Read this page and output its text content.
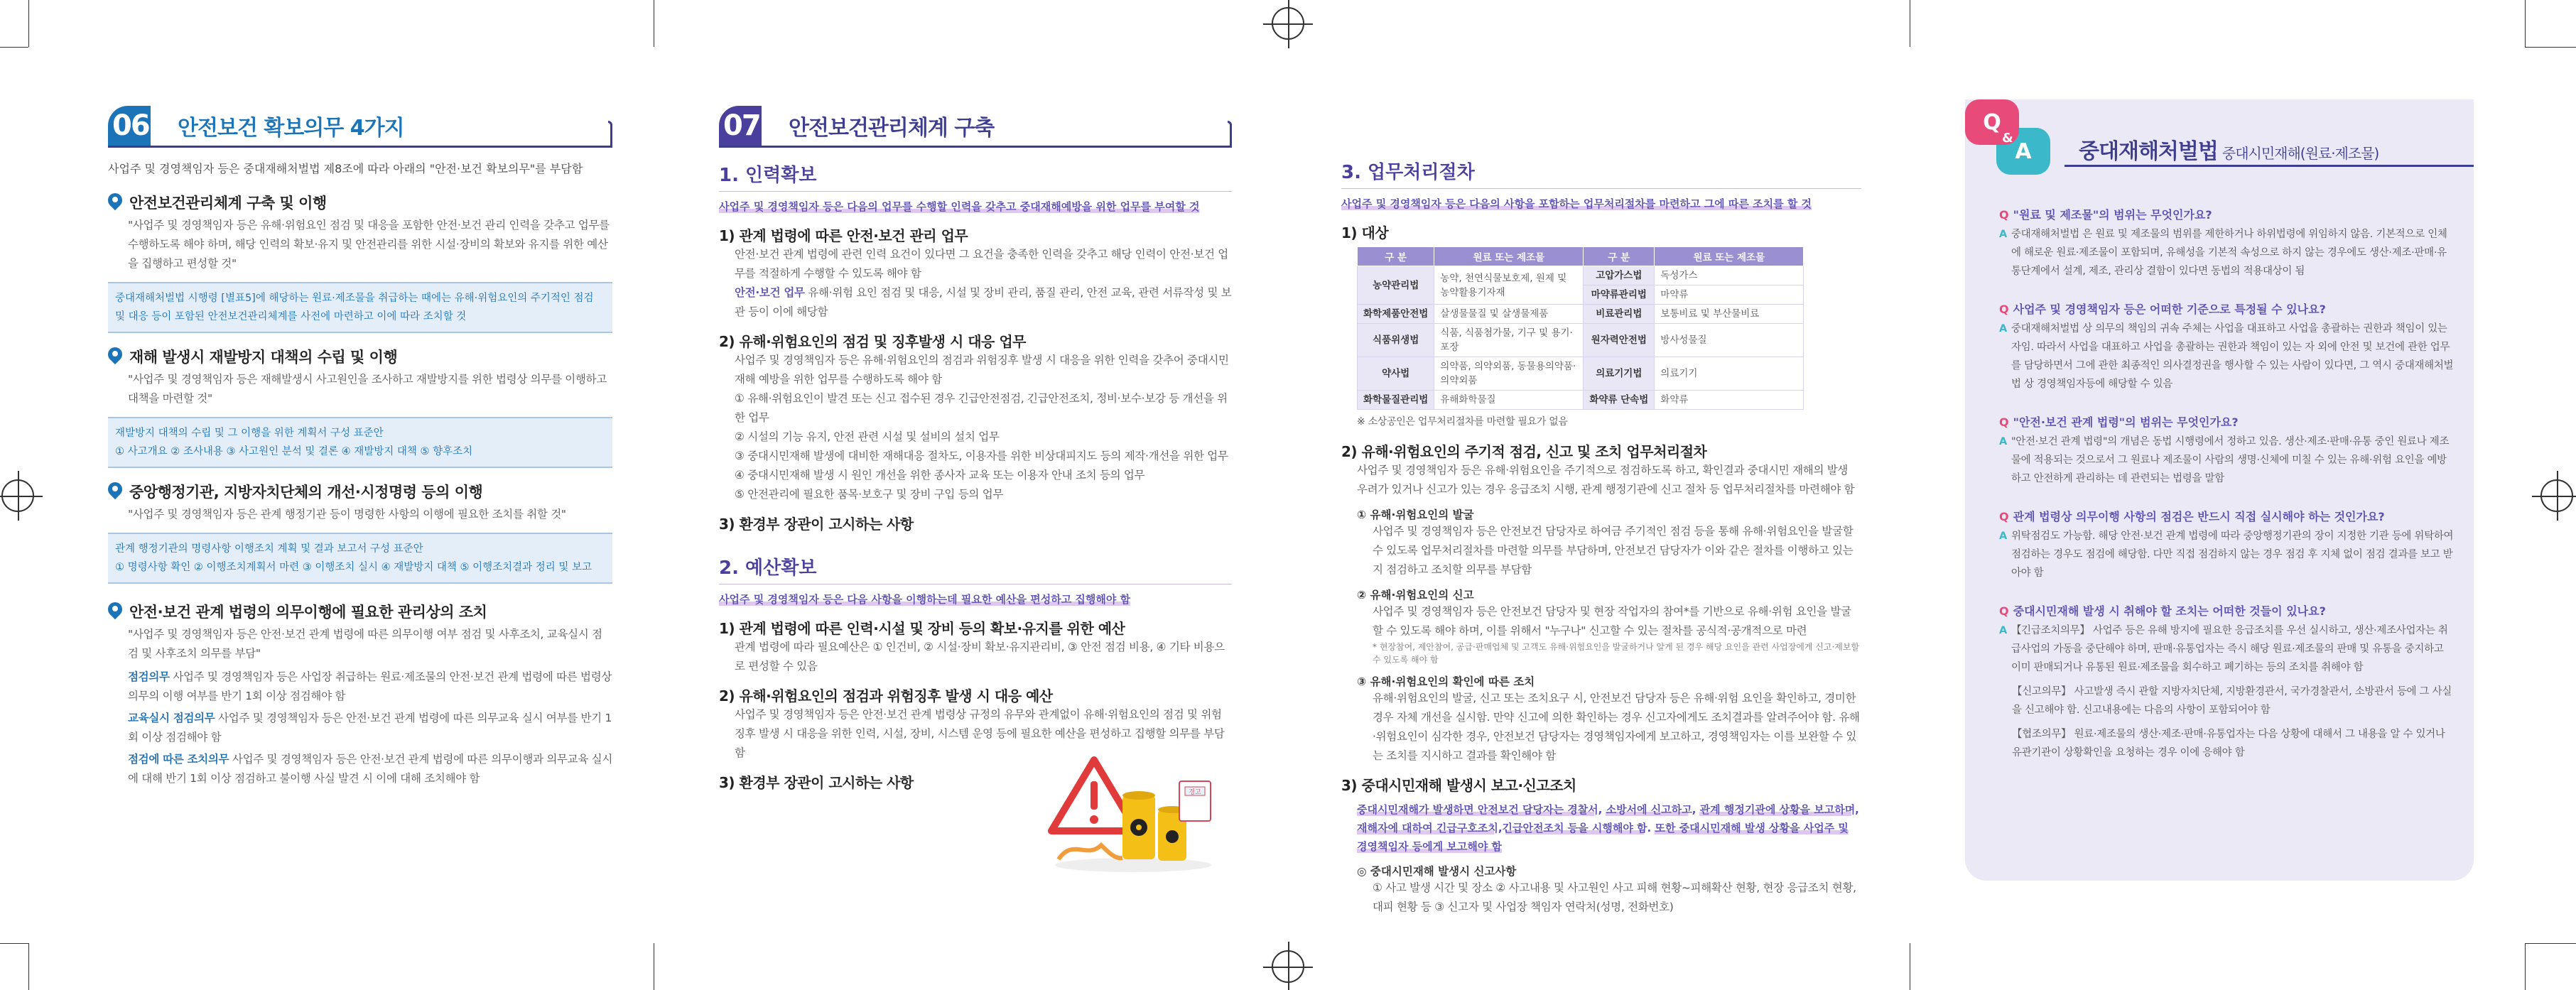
06	안전보건 확보의무 4가지
사업주 및 경영책임자 등은 중대재해처벌법 제8조에 따라 아래의 "안전·보건 확보의무"를 부담함
안전보건관리체계 구축 및 이행
"사업주 및 경영책임자 등은 유해·위험요인 점검 및 대응을 포함한 안전·보건 관리 인력을 갖추고 업무를 수행하도록 해야 하며, 해당 인력의 확보·유지 및 안전관리를 위한 시설·장비의 확보와 유지를 위한 예산을 집행하고 편성할 것"
중대재해처벌법 시행령 [별표5]에 해당하는 원료·제조물을 취급하는 때에는 유해·위험요인의 주기적인 점검 및 대응 등이 포함된 안전보건관리체계를 사전에 마련하고 이에 따라 조치할 것
재해 발생시 재발방지 대책의 수립 및 이행
"사업주 및 경영책임자 등은 재해발생시 사고원인을 조사하고 재발방지를 위한 법령상 의무를 이행하고 대책을 마련할 것"
재발방지 대책의 수립 및 그 이행을 위한 계획서 구성 표준안
① 사고개요 ② 조사내용 ③ 사고원인 분석 및 결론 ④ 재발방지 대책 ⑤ 향후조치
중앙행정기관, 지방자치단체의 개선·시정명령 등의 이행
"사업주 및 경영책임자 등은 관계 행정기관 등이 명령한 사항의 이행에 필요한 조치를 취할 것"
관계 행정기관의 명령사항 이행조치 계획 및 결과 보고서 구성 표준안
① 명령사항 확인 ② 이행조치계획서 마련 ③ 이행조치 실시 ④ 재발방지 대책 ⑤ 이행조치결과 정리 및 보고
안전·보건 관계 법령의 의무이행에 필요한 관리상의 조치
"사업주 및 경영책임자 등은 안전·보건 관계 법령에 따른 의무이행 여부 점검 및 사후조치, 교육실시 점검 및 사후조치 의무를 부담"
점검의무 사업주 및 경영책임자 등은 사업장 취급하는 원료·제조물의 안전·보건 관계 법령에 따른 법령상 의무의 이행 여부를 반기 1회 이상 점검해야 함
교육실시 점검의무 사업주 및 경영책임자 등은 안전·보건 관계 법령에 따른 의무교육 실시 여부를 반기 1회 이상 점검해야 함
점검에 따른 조치의무 사업주 및 경영책임자 등은 안전·보건 관계 법령에 따른 의무이행과 의무교육 실시에 대해 반기 1회 이상 점검하고 불이행 사실 발견 시 이에 대해 조치해야 함
07	안전보건관리체계 구축
1. 인력확보
사업주 및 경영책임자 등은 다음의 업무를 수행할 인력을 갖추고 중대재해예방을 위한 업무를 부여할 것
1) 관계 법령에 따른 안전·보건 관리 업무
안전·보건 관계 법령에 관련 인력 요건이 있다면 그 요건을 충족한 인력을 갖추고 해당 인력이 안전·보건 업무를 적절하게 수행할 수 있도록 해야 함
안전·보건 업무 유해·위험 요인 점검 및 대응, 시설 및 장비 관리, 품질 관리, 안전 교육, 관련 서류작성 및 보관 등이 이에 해당함
2) 유해·위험요인의 점검 및 징후발생 시 대응 업무
사업주 및 경영책임자 등은 유해·위험요인의 점검과 위험징후 발생 시 대응을 위한 인력을 갖추어 중대시민재해 예방을 위한 업무를 수행하도록 해야 함
① 유해·위험요인이 발견 또는 신고 접수된 경우 긴급안전점검, 긴급안전조치, 정비·보수·보강 등 개선을 위한 업무
② 시설의 기능 유지, 안전 관련 시설 및 설비의 설치 업무
③ 중대시민재해 발생에 대비한 재해대응 절차도, 이용자를 위한 비상대피지도 등의 제작·개선을 위한 업무
④ 중대시민재해 발생 시 원인 개선을 위한 종사자 교육 또는 이용자 안내 조치 등의 업무
⑤ 안전관리에 필요한 품목·보호구 및 장비 구입 등의 업무
3) 환경부 장관이 고시하는 사항
2. 예산확보
사업주 및 경영책임자 등은 다음 사항을 이행하는데 필요한 예산을 편성하고 집행해야 함
1) 관계 법령에 따른 인력·시설 및 장비 등의 확보·유지를 위한 예산
관계 법령에 따라 필요예산은 ① 인건비, ② 시설·장비 확보·유지관리비, ③ 안전 점검 비용, ④ 기타 비용으로 편성할 수 있음
2) 유해·위험요인의 점검과 위험징후 발생 시 대응 예산
사업주 및 경영책임자 등은 안전·보건 관계 법령상 규정의 유무와 관계없이 유해·위험요인의 점검 및 위험징후 발생 시 대응을 위한 인력, 시설, 장비, 시스템 운영 등에 필요한 예산을 편성하고 집행할 의무를 부담함
3) 환경부 장관이 고시하는 사항
경고
3. 업무처리절차
사업주 및 경영책임자 등은 다음의 사항을 포함하는 업무처리절차를 마련하고 그에 따른 조치를 할 것
1) 대상
구 분	원료 또는 제조물	구 분	원료 또는 제조물
농약관리법	농약, 천연식물보호제, 원제 및 농약활용기자재	고압가스법	독성가스
		마약류관리법	마약류
화학제품안전법	살생물물질 및 살생물제품	비료관리법	보통비료 및 부산물비료
식품위생법	식품, 식품첨가물, 기구 및 용기·포장	원자력안전법	방사성물질
약사법	의약품, 의약외품, 동물용의약품·의약외품	의료기기법	의료기기
화학물질관리법	유해화학물질	화약류 단속법	화약류
※ 소상공인은 업무처리절차를 마련할 필요가 없음
2) 유해·위험요인의 주기적 점검, 신고 및 조치 업무처리절차
사업주 및 경영책임자 등은 유해·위험요인을 주기적으로 점검하도록 하고, 확인결과 중대시민 재해의 발생 우려가 있거나 신고가 있는 경우 응급조치 시행, 관계 행정기관에 신고 절차 등 업무처리절차를 마련해야 함
① 유해·위험요인의 발굴
사업주 및 경영책임자 등은 안전보건 담당자로 하여금 주기적인 점검 등을 통해 유해·위험요인을 발굴할 수 있도록 업무처리절차를 마련할 의무를 부담하며, 안전보건 담당자가 이와 같은 절차를 이행하고 있는지 점검하고 조치할 의무를 부담함
② 유해·위험요인의 신고
사업주 및 경영책임자 등은 안전보건 담당자 및 현장 작업자의 참여*를 기반으로 유해·위험 요인을 발굴할 수 있도록 해야 하며, 이를 위해서 "누구나" 신고할 수 있는 절차를 공식적·공개적으로 마련
* 현장참여, 제안참여, 공급·판매업체 및 고객도 유해·위험요인을 발굴하거나 알게 된 경우 해당 요인을 관련 사업장에게 신고·제보할 수 있도록 해야 함
③ 유해·위험요인의 확인에 따른 조치
유해·위험요인의 발굴, 신고 또는 조치요구 시, 안전보건 담당자 등은 유해·위험 요인을 확인하고, 경미한 경우 자체 개선을 실시함. 만약 신고에 의한 확인하는 경우 신고자에게도 조치결과를 알려주어야 함. 유해·위험요인이 심각한 경우, 안전보건 담당자는 경영책임자에게 보고하고, 경영책임자는 이를 보완할 수 있는 조치를 지시하고 결과를 확인해야 함
3) 중대시민재해 발생시 보고·신고조치
중대시민재해가 발생하면 안전보건 담당자는 경찰서, 소방서에 신고하고, 관계 행정기관에 상황을 보고하며, 재해자에 대하여 긴급구호조치,긴급안전조치 등을 시행해야 함. 또한 중대시민재해 발생 상황을 사업주 및 경영책임자 등에게 보고해야 함
◎ 중대시민재해 발생시 신고사항
① 사고 발생 시간 및 장소 ② 사고내용 및 사고원인 사고 피해 현황~피해확산 현황, 현장 응급조치 현황, 대피 현황 등 ③ 신고자 및 사업장 책임자 연락처(성명, 전화번호)
A
Q
&
중대재해처벌법 중대시민재해(원료·제조물)
Q "원료 및 제조물"의 범위는 무엇인가요?
A 중대재해처벌법 은 원료 및 제조물의 범위를 제한하거나 하위법령에 위임하지 않음. 기본적으로 인체에 해로운 원료·제조물이 포함되며, 유해성을 기본적 속성으로 하지 않는 경우에도 생산·제조·판매·유통단계에서 설계, 제조, 관리상 결함이 있다면 동법의 적용대상이 됨
Q 사업주 및 경영책임자 등은 어떠한 기준으로 특정될 수 있나요?
A 중대재해처벌법 상 의무의 책임의 귀속 주체는 사업을 대표하고 사업을 총괄하는 권한과 책임이 있는 자임. 따라서 사업을 대표하고 사업을 총괄하는 권한과 책임이 있는 자 외에 안전 및 보건에 관한 업무를 담당하면서 그에 관한 최종적인 의사결정권을 행사할 수 있는 사람이 있다면, 그 역시 중대재해처벌법 상 경영책임자등에 해당할 수 있음
Q "안전·보건 관계 법령"의 범위는 무엇인가요?
A "안전·보건 관계 법령"의 개념은 동법 시행령에서 정하고 있음. 생산·제조·판매·유통 중인 원료나 제조물에 적용되는 것으로서 그 원료나 제조물이 사람의 생명·신체에 미칠 수 있는 유해·위험 요인을 예방하고 안전하게 관리하는 데 관련되는 법령을 말함
Q 관계 법령상 의무이행 사항의 점검은 반드시 직접 실시해야 하는 것인가요?
A 위탁점검도 가능함. 해당 안전·보건 관계 법령에 따라 중앙행정기관의 장이 지정한 기관 등에 위탁하여 점검하는 경우도 점검에 해당함. 다만 직접 점검하지 않는 경우 점검 후 지체 없이 점검 결과를 보고 받아야 함
Q 중대시민재해 발생 시 취해야 할 조치는 어떠한 것들이 있나요?
A 【긴급조치의무】 사업주 등은 유해 방지에 필요한 응급조치를 우선 실시하고, 생산·제조사업자는 취급사업의 가동을 중단해야 하며, 판매·유통업자는 즉시 해당 원료·제조물의 판매 및 유통을 중지하고 이미 판매되거나 유통된 원료·제조물을 회수하고 폐기하는 등의 조치를 취해야 함
【신고의무】 사고발생 즉시 관할 지방자치단체, 지방환경관서, 국가경찰관서, 소방관서 등에 그 사실을 신고해야 함. 신고내용에는 다음의 사항이 포함되어야 함
【협조의무】 원료·제조물의 생산·제조·판매·유통업자는 다음 상황에 대해서 그 내용을 알 수 있거나 유관기관이 상황확인을 요청하는 경우 이에 응해야 함
